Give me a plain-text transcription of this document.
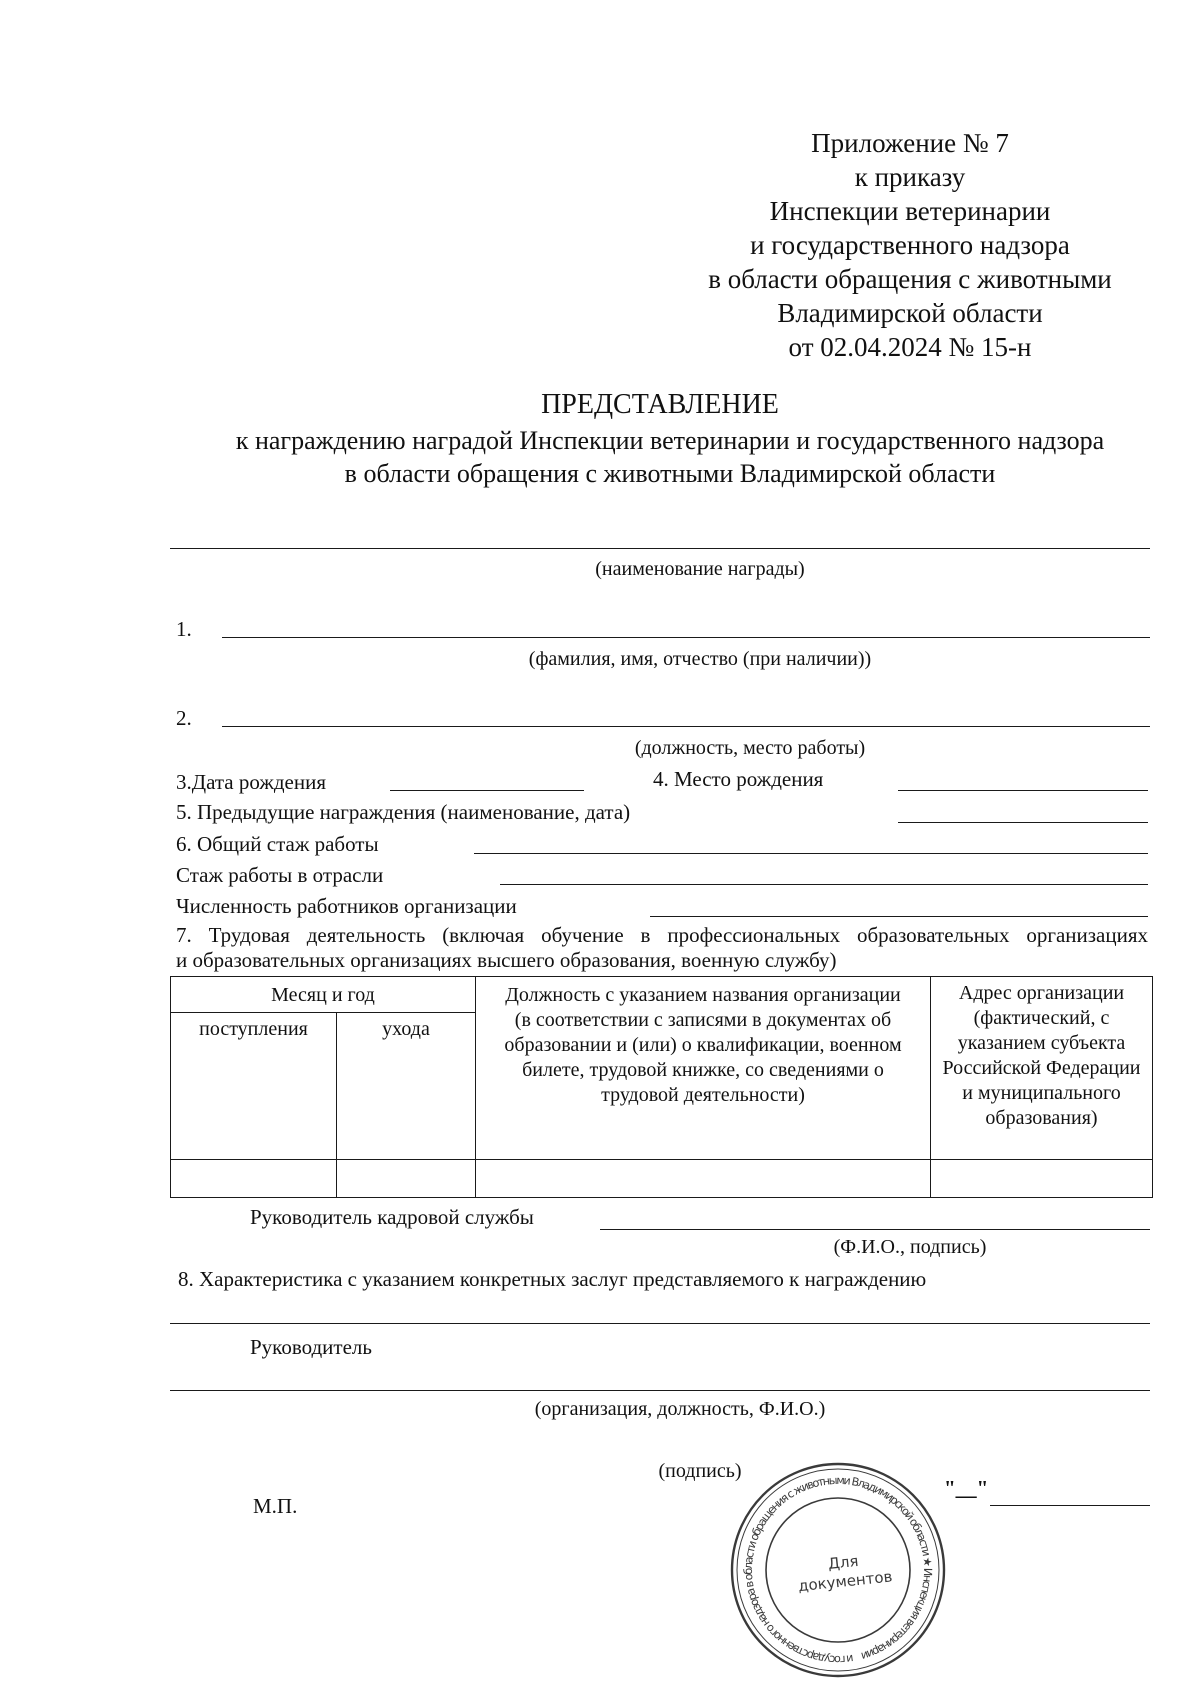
Приложение № 7
к приказу
Инспекции ветеринарии
и государственного надзора
в области обращения с животными
Владимирской области
от 02.04.2024 № 15-н
ПРЕДСТАВЛЕНИЕ
к награждению наградой Инспекции ветеринарии и государственного надзора
в области обращения с животными Владимирской области
(наименование награды)
1.
(фамилия, имя, отчество (при наличии))
2.
(должность, место работы)
3.Дата рождения	4. Место рождения
5. Предыдущие награждения (наименование, дата)
6. Общий стаж работы
Стаж работы в отрасли
Численность работников организации
7. Трудовая деятельность (включая обучение в профессиональных образовательных организациях
и образовательных организациях высшего образования, военную службу)
Месяц и год		Должность с указанием названия организации (в соответствии с записями в документах об образовании и (или) о квалификации, военном билете, трудовой книжке, со сведениями о трудовой деятельности)	Адрес организации (фактический, с указанием субъекта Российской Федерации и муниципального образования)
поступления	ухода		

Руководитель кадровой службы
(Ф.И.О., подпись)
8. Характеристика с указанием конкретных заслуг представляемого к награждению
Руководитель
(организация, должность, Ф.И.О.)
(подпись)
М.П.
"__"
и государственного надзора в области обращения с животными Владимирской области ★ Инспекция ветеринарии
Для
документов
